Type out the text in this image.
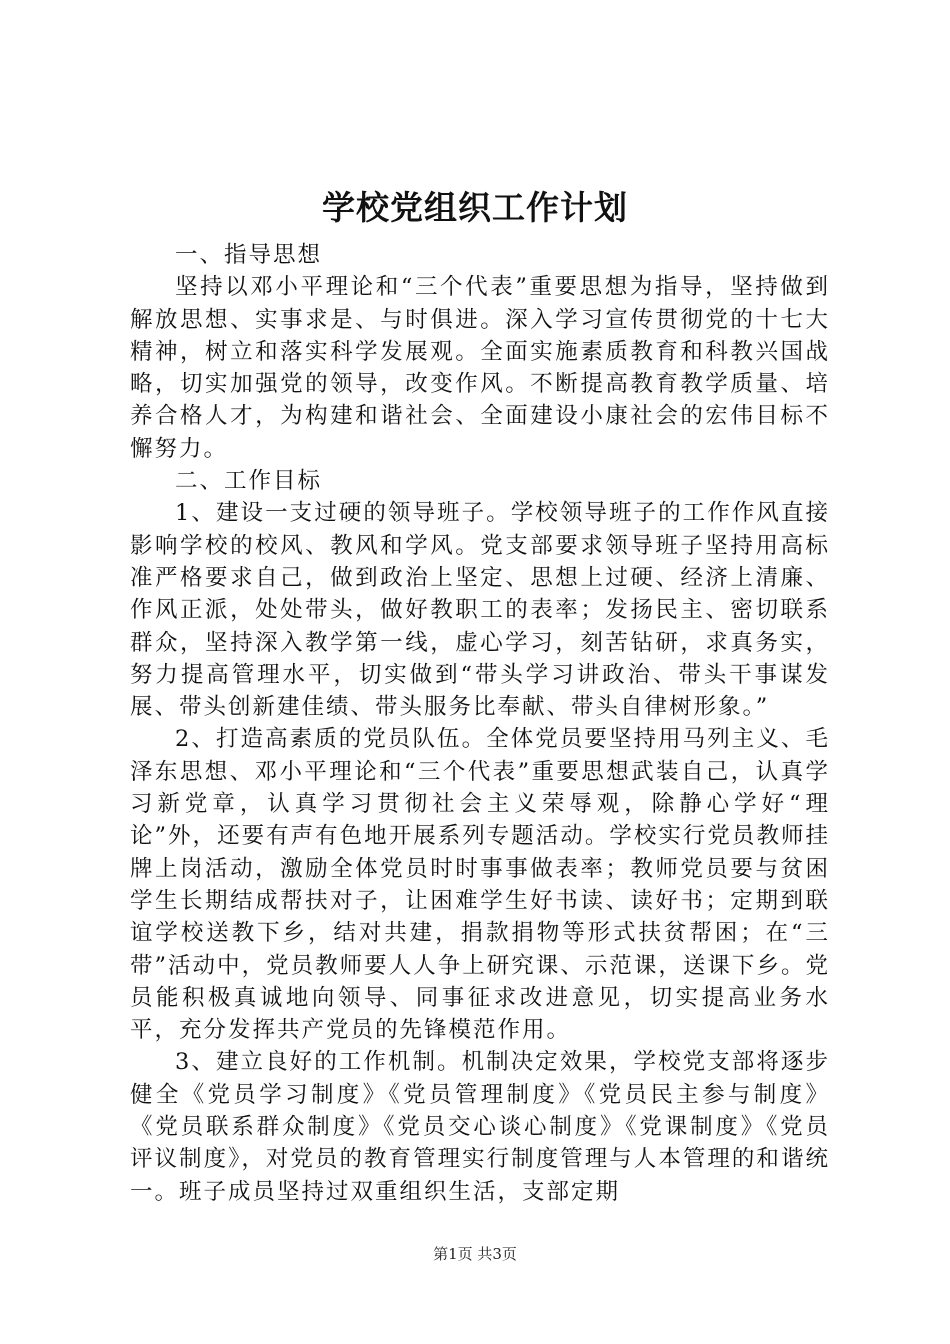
学校党组织工作计划

一、指导思想

坚持以邓小平理论和“三个代表”重要思想为指导，坚持做到解放思想、实事求是、与时俱进。深入学习宣传贯彻党的十七大精神，树立和落实科学发展观。全面实施素质教育和科教兴国战略，切实加强党的领导，改变作风。不断提高教育教学质量、培养合格人才，为构建和谐社会、全面建设小康社会的宏伟目标不懈努力。

二、工作目标

1、建设一支过硬的领导班子。学校领导班子的工作作风直接影响学校的校风、教风和学风。党支部要求领导班子坚持用高标准严格要求自己，做到政治上坚定、思想上过硬、经济上清廉、作风正派，处处带头，做好教职工的表率；发扬民主、密切联系群众，坚持深入教学第一线，虚心学习，刻苦钻研，求真务实，努力提高管理水平，切实做到“带头学习讲政治、带头干事谋发展、带头创新建佳绩、带头服务比奉献、带头自律树形象。”

2、打造高素质的党员队伍。全体党员要坚持用马列主义、毛泽东思想、邓小平理论和“三个代表”重要思想武装自己，认真学习新党章，认真学习贯彻社会主义荣辱观，除静心学好“理论”外，还要有声有色地开展系列专题活动。学校实行党员教师挂牌上岗活动，激励全体党员时时事事做表率；教师党员要与贫困学生长期结成帮扶对子，让困难学生好书读、读好书；定期到联谊学校送教下乡，结对共建，捐款捐物等形式扶贫帮困；在“三带”活动中，党员教师要人人争上研究课、示范课，送课下乡。党员能积极真诚地向领导、同事征求改进意见，切实提高业务水平，充分发挥共产党员的先锋模范作用。

3、建立良好的工作机制。机制决定效果，学校党支部将逐步健全《党员学习制度》《党员管理制度》《党员民主参与制度》《党员联系群众制度》《党员交心谈心制度》《党课制度》《党员评议制度》，对党员的教育管理实行制度管理与人本管理的和谐统一。班子成员坚持过双重组织生活，支部定期

第1页 共3页
